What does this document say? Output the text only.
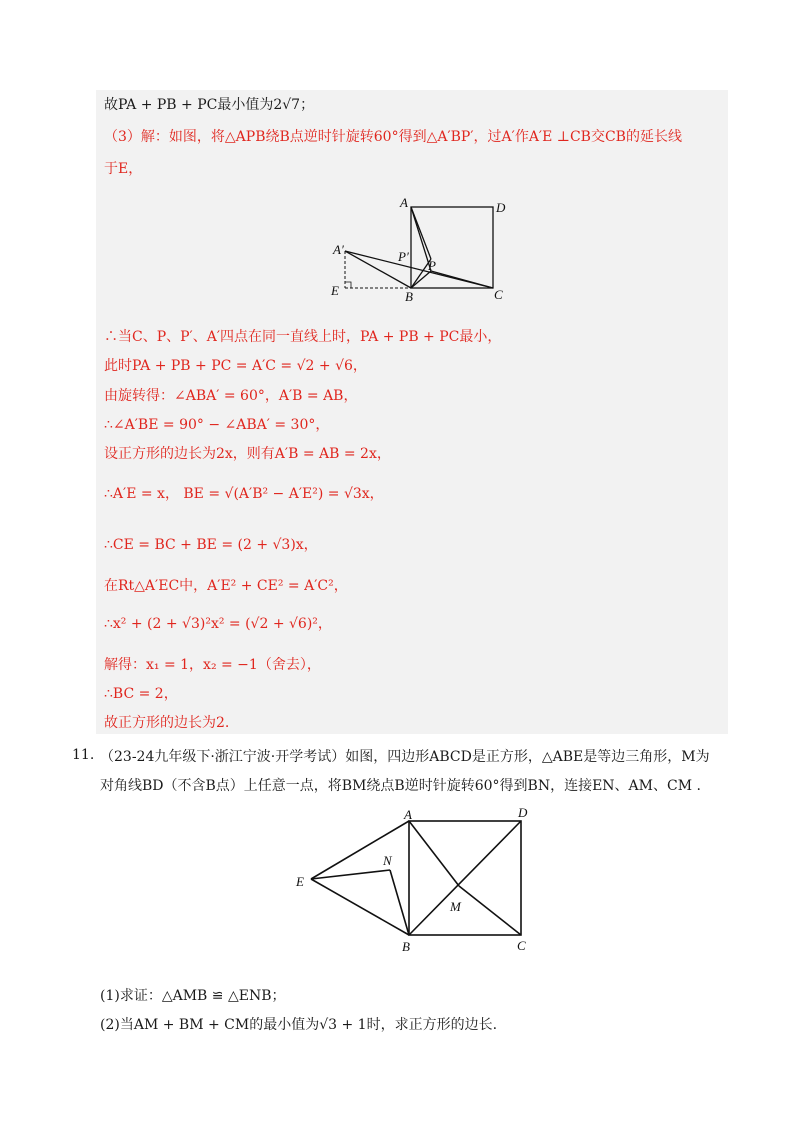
故PA + PB + PC最小值为2√7；
（3）解：如图，将△APB绕B点逆时针旋转60°得到△A′BP′，过A′作A′E ⊥CB交CB的延长线
于E，
A	D
A′	P′
P
E	B	C
∴当C、P、P′、A′四点在同一直线上时，PA + PB + PC最小，
此时PA + PB + PC = A′C = √2 + √6，
由旋转得：∠ABA′ = 60°，A′B = AB，
∴∠A′BE = 90° − ∠ABA′ = 30°，
设正方形的边长为2x，则有A′B = AB = 2x，
∴A′E = x， BE = √(A′B² − A′E²) = √3x，
∴CE = BC + BE = (2 + √3)x，
在Rt△A′EC中，A′E² + CE² = A′C²，
∴x² + (2 + √3)²x² = (√2 + √6)²，
解得：x₁ = 1，x₂ = −1（舍去），
∴BC = 2，
故正方形的边长为2.
11. （23-24九年级下·浙江宁波·开学考试）如图，四边形ABCD是正方形，△ABE是等边三角形，M为
对角线BD（不含B点）上任意一点，将BM绕点B逆时针旋转60°得到BN，连接EN、AM、CM .
A	D
N
E
M
B	C
(1)求证：△AMB ≌ △ENB；
(2)当AM + BM + CM的最小值为√3 + 1时，求正方形的边长.
